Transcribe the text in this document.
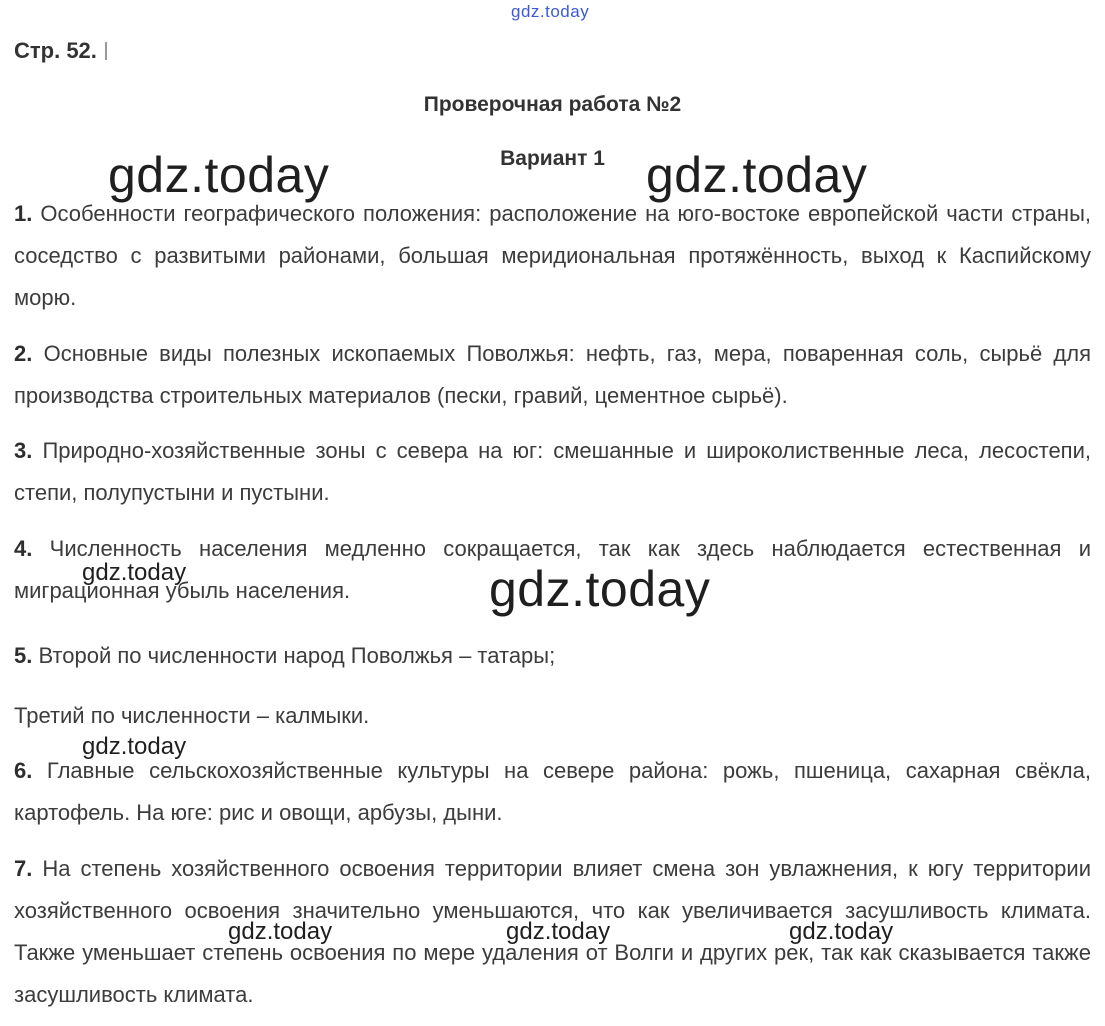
gdz.today
gdz.today	gdz.today
gdz.today
gdz.today
gdz.today
gdz.today	gdz.today	gdz.today
Стр. 52.
Проверочная работа №2
Вариант 1
1. Особенности географического положения: расположение на юго-востоке европейской части страны, соседство с развитыми районами, большая меридиональная протяжённость, выход к Каспийскому морю.
2. Основные виды полезных ископаемых Поволжья: нефть, газ, мера, поваренная соль, сырьё для производства строительных материалов (пески, гравий, цементное сырьё).
3. Природно-хозяйственные зоны с севера на юг: смешанные и широколиственные леса, лесостепи, степи, полупустыни и пустыни.
4. Численность населения медленно сокращается, так как здесь наблюдается естественная и миграционная убыль населения.
5. Второй по численности народ Поволжья – татары;
Третий по численности – калмыки.
6. Главные сельскохозяйственные культуры на севере района: рожь, пшеница, сахарная свёкла, картофель. На юге: рис и овощи, арбузы, дыни.
7. На степень хозяйственного освоения территории влияет смена зон увлажнения, к югу территории хозяйственного освоения значительно уменьшаются, что как увеличивается засушливость климата. Также уменьшает степень освоения по мере удаления от Волги и других рек, так как сказывается также засушливость климата.
